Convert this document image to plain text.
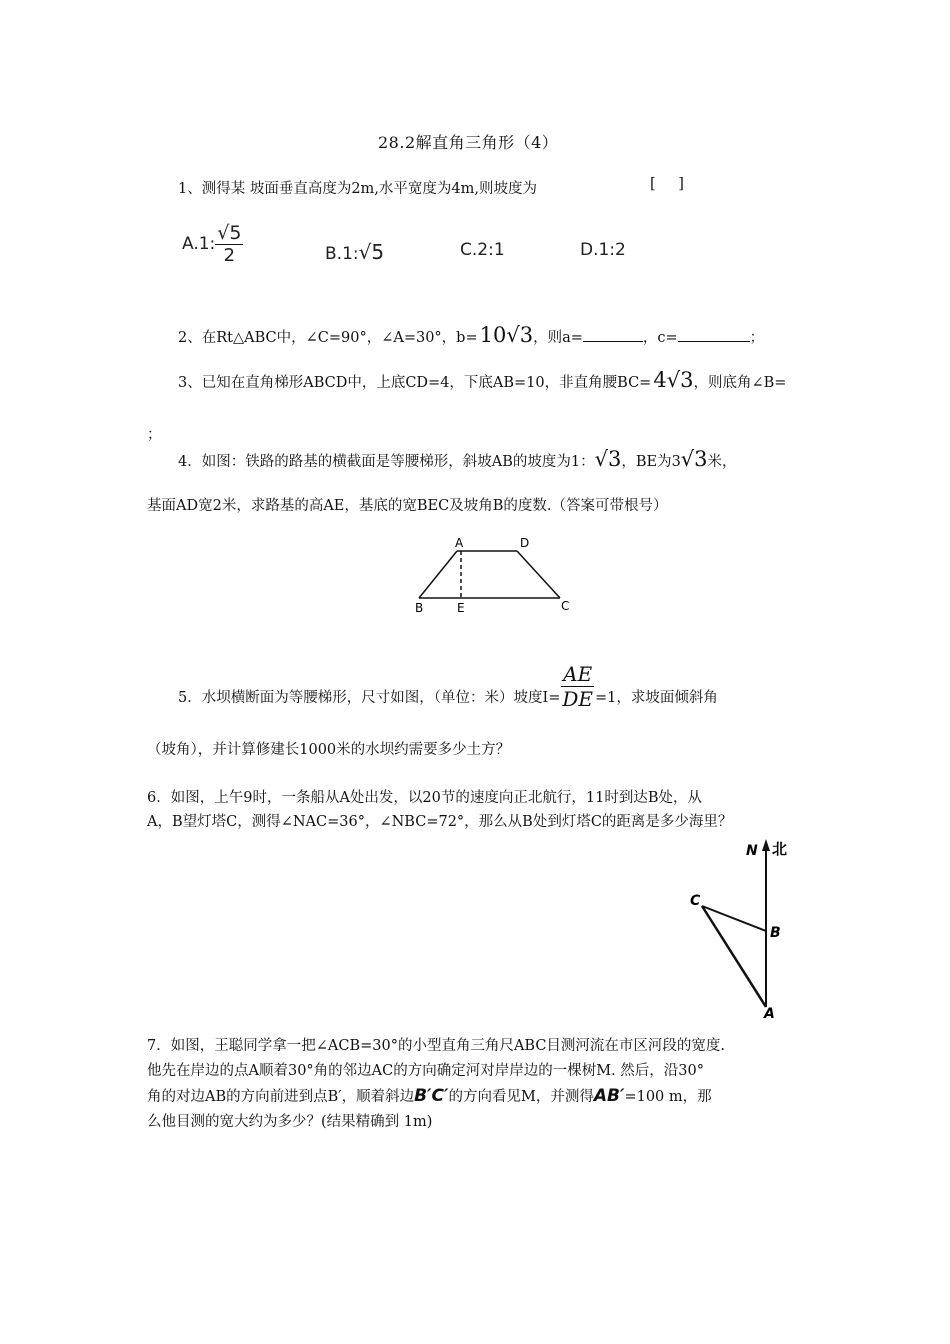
28.2解直角三角形（4）
1、测得某 坡面垂直高度为2m,水平宽度为4m,则坡度为	[ ]
A.1: $\frac{√5}{2}$	B.1:√5	C.2:1	D.1:2
2、在Rt△ABC中，∠C=90°，∠A=30°，b= 10 √3 ，则a=	，c=	；
3、已知在直角梯形ABCD中，上底CD=4，下底AB=10，非直角腰BC= 4 √3 ，则底角∠B=
；
4．如图：铁路的路基的横截面是等腰梯形，斜坡AB的坡度为1： √3 ，BE为3 √3 米，
基面AD宽2米，求路基的高AE，基底的宽BEC及坡角B的度数.（答案可带根号）
A	D
B	E	C
5．水坝横断面为等腰梯形，尺寸如图，（单位：米）坡度$I= \frac{AE}{DE} =1$，求坡面倾斜角
（坡角），并计算修建长1000米的水坝约需要多少土方？
6．如图，上午9时，一条船从A处出发，以20节的速度向正北航行，11时到达B处，从
A，B望灯塔C，测得∠NAC=36°，∠NBC=72°，那么从B处到灯塔C的距离是多少海里？
N 北
C
B
A
7．如图，王聪同学拿一把∠ACB=30°的小型直角三角尺ABC目测河流在市区河段的宽度.
他先在岸边的点A顺着30°角的邻边AC的方向确定河对岸岸边的一棵树M. 然后，沿30°
角的对边AB的方向前进到点B′，顺着斜边 B′C′ 的方向看见M，并测得 AB′ =100 m，那
么他目测的宽大约为多少？(结果精确到 1m)
